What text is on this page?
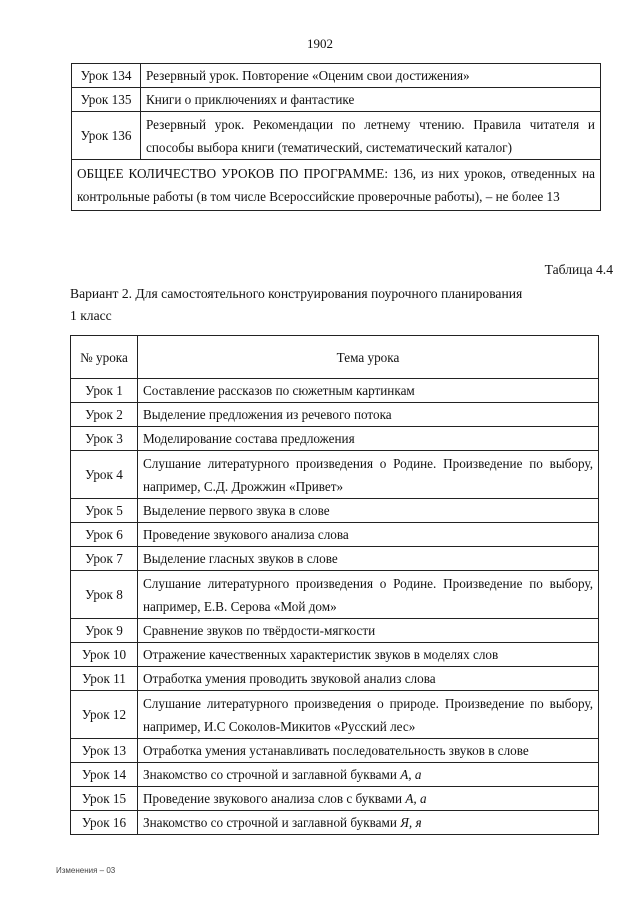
1902
Урок 134	Резервный урок. Повторение «Оценим свои достижения»
Урок 135	Книги о приключениях и фантастике
Урок 136	Резервный урок. Рекомендации по летнему чтению. Правила читателя и способы выбора книги (тематический, систематический каталог)
ОБЩЕЕ КОЛИЧЕСТВО УРОКОВ ПО ПРОГРАММЕ: 136, из них уроков, отведенных на контрольные работы (в том числе Всероссийские проверочные работы), – не более 13	
Таблица 4.4
Вариант 2. Для самостоятельного конструирования поурочного планирования
1 класс
№ урока	Тема урока
Урок 1	Составление рассказов по сюжетным картинкам
Урок 2	Выделение предложения из речевого потока
Урок 3	Моделирование состава предложения
Урок 4	Слушание литературного произведения о Родине. Произведение по выбору, например, С.Д. Дрожжин «Привет»
Урок 5	Выделение первого звука в слове
Урок 6	Проведение звукового анализа слова
Урок 7	Выделение гласных звуков в слове
Урок 8	Слушание литературного произведения о Родине. Произведение по выбору, например, Е.В. Серова «Мой дом»
Урок 9	Сравнение звуков по твёрдости-мягкости
Урок 10	Отражение качественных характеристик звуков в моделях слов
Урок 11	Отработка умения проводить звуковой анализ слова
Урок 12	Слушание литературного произведения о природе. Произведение по выбору, например, И.С Соколов-Микитов «Русский лес»
Урок 13	Отработка умения устанавливать последовательность звуков в слове
Урок 14	Знакомство со строчной и заглавной буквами А, а
Урок 15	Проведение звукового анализа слов с буквами А, а
Урок 16	Знакомство со строчной и заглавной буквами Я, я
Изменения – 03
